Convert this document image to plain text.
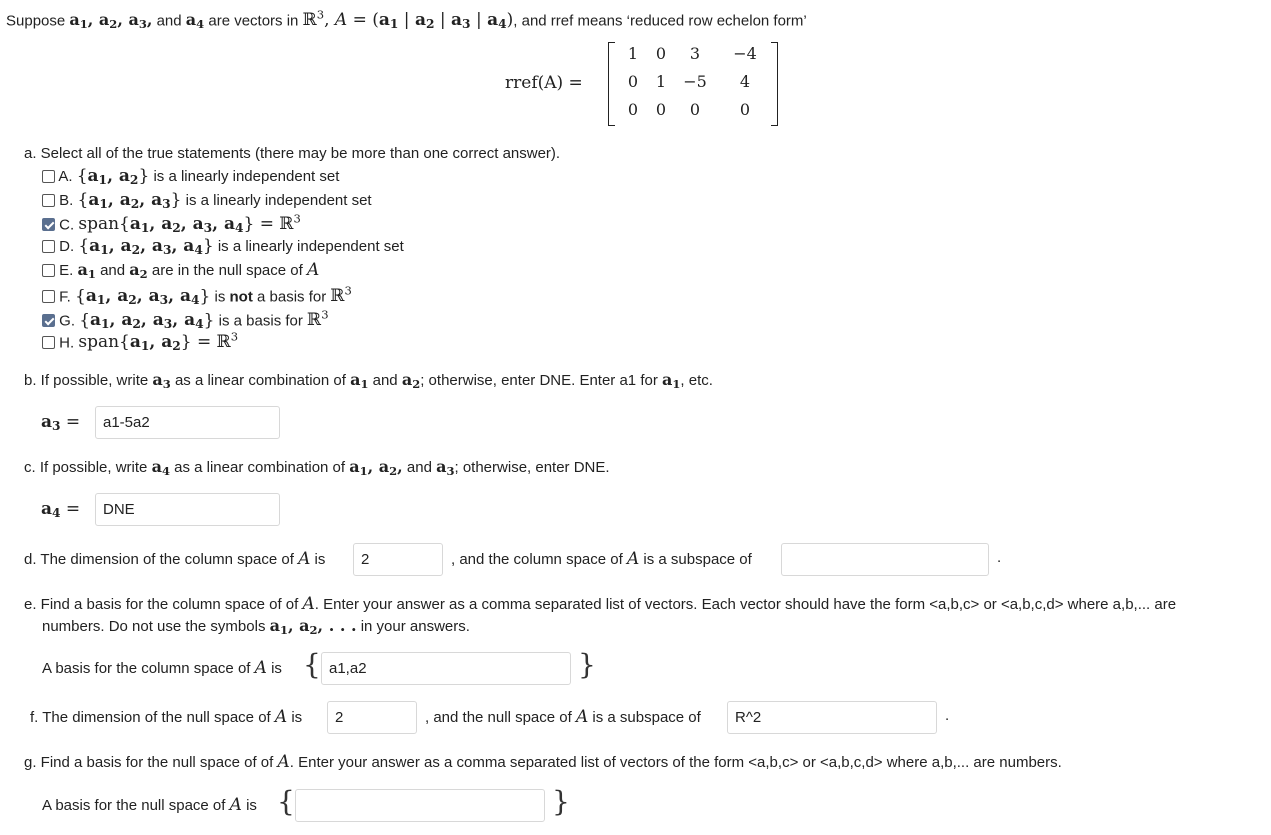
Suppose $a_1$, $a_2$, $a_3$, and $a_4$ are vectors in ℝ$^3$, $A = (a_1$ | $a_2$ | $a_3$ | $a_4$), and rref means ‘reduced row echelon form’
rref(A) =
1	0	3	−4
0	1	−5	4
0	0	0	0
a. Select all of the true statements (there may be more than one correct answer).
A. {$a_1$, $a_2$} is a linearly independent set
B. {$a_1$, $a_2$, $a_3$} is a linearly independent set
C. $span\{a_1$, $a_2$, $a_3$, $a_4$} = ℝ$^3$
D. {$a_1$, $a_2$, $a_3$, $a_4$} is a linearly independent set
E. $a_1$ and $a_2$ are in the null space of A
F. {$a_1$, $a_2$, $a_3$, $a_4$} is not a basis for ℝ$^3$
G. {$a_1$, $a_2$, $a_3$, $a_4$} is a basis for ℝ$^3$
H. $span\{a_1$, $a_2$} = ℝ$^3$
b. If possible, write $a_3$ as a linear combination of $a_1$ and $a_2$; otherwise, enter DNE. Enter a1 for $a_1$, etc.
$a_3$ =	a1-5a2
c. If possible, write $a_4$ as a linear combination of $a_1$, $a_2$, and $a_3$; otherwise, enter DNE.
$a_4$ =	DNE
d. The dimension of the column space of A is	2	, and the column space of A is a subspace of	.
e. Find a basis for the column space of of A. Enter your answer as a comma separated list of vectors. Each vector should have the form <a,b,c> or <a,b,c,d> where a,b,... are
numbers. Do not use the symbols $a_1$, $a_2$, . . . in your answers.
A basis for the column space of A is { a1,a2	}
f. The dimension of the null space of A is	2	, and the null space of A is a subspace of	R^2	.
g. Find a basis for the null space of of A. Enter your answer as a comma separated list of vectors of the form <a,b,c> or <a,b,c,d> where a,b,... are numbers.
A basis for the null space of A is {	}
